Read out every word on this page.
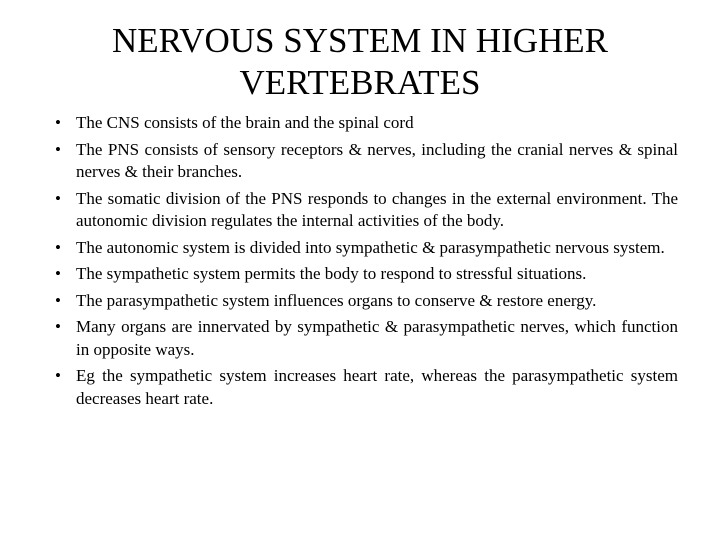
NERVOUS SYSTEM IN HIGHER
VERTEBRATES
• The CNS consists of the brain and the spinal cord
• The PNS consists of sensory receptors & nerves, including the cranial nerves & spinal nerves & their branches.
• The somatic division of the PNS responds to changes in the external environment. The autonomic division regulates the internal activities of the body.
• The autonomic system is divided into sympathetic & parasympathetic nervous system.
• The sympathetic system permits the body to respond to stressful situations.
• The parasympathetic system influences organs to conserve & restore energy.
• Many organs are innervated by sympathetic & parasympathetic nerves, which function in opposite ways.
• Eg the sympathetic system increases heart rate, whereas the parasympathetic system decreases heart rate.
